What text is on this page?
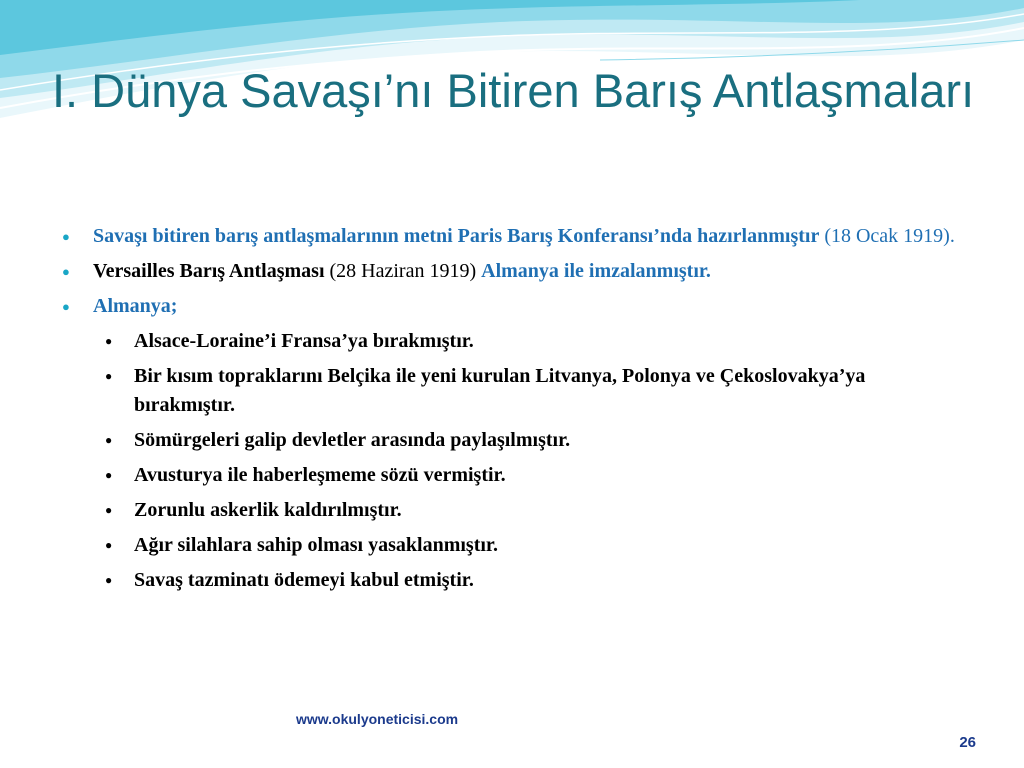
I. Dünya Savaşı’nı Bitiren Barış Antlaşmaları
● Savaşı bitiren barış antlaşmalarının metni Paris Barış Konferansı’nda hazırlanmıştır (18 Ocak 1919).
● Versailles Barış Antlaşması (28 Haziran 1919) Almanya ile imzalanmıştır.
● Almanya;
● Alsace-Loraine’i Fransa’ya bırakmıştır.
● Bir kısım topraklarını Belçika ile yeni kurulan Litvanya, Polonya ve Çekoslovakya’ya bırakmıştır.
● Sömürgeleri galip devletler arasında paylaşılmıştır.
● Avusturya ile haberleşmeme sözü vermiştir.
● Zorunlu askerlik kaldırılmıştır.
● Ağır silahlara sahip olması yasaklanmıştır.
● Savaş tazminatı ödemeyi kabul etmiştir.
www.okulyoneticisi.com
26
